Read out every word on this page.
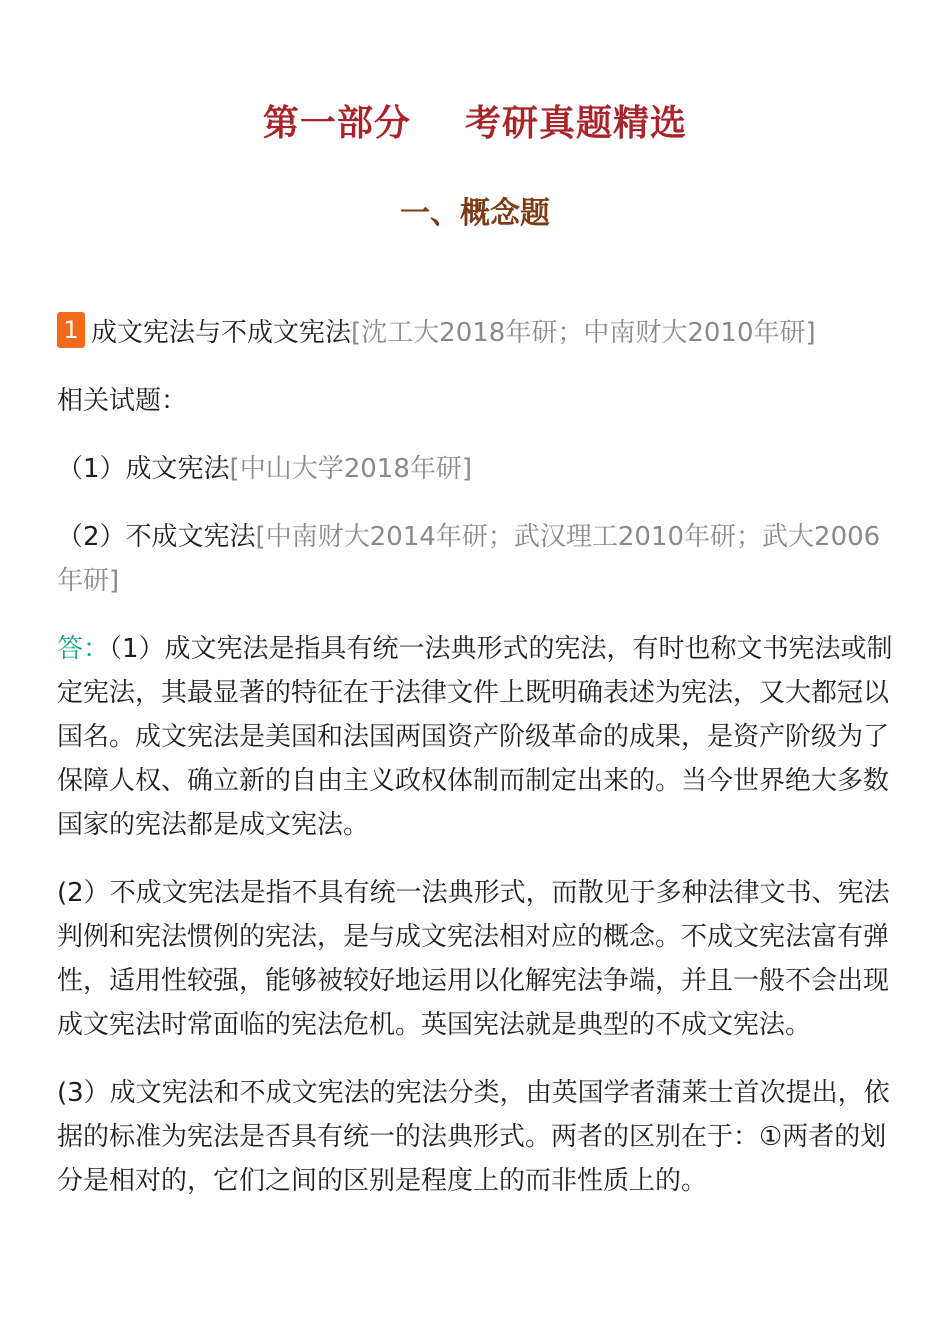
第一部分    考研真题精选
一、概念题

1 成文宪法与不成文宪法[沈工大2018年研；中南财大2010年研]

相关试题：

（1）成文宪法[中山大学2018年研]

（2）不成文宪法[中南财大2014年研；武汉理工2010年研；武大2006年研]

答：（1）成文宪法是指具有统一法典形式的宪法，有时也称文书宪法或制定宪法，其最显著的特征在于法律文件上既明确表述为宪法，又大都冠以国名。成文宪法是美国和法国两国资产阶级革命的成果，是资产阶级为了保障人权、确立新的自由主义政权体制而制定出来的。当今世界绝大多数国家的宪法都是成文宪法。

(2）不成文宪法是指不具有统一法典形式，而散见于多种法律文书、宪法判例和宪法惯例的宪法，是与成文宪法相对应的概念。不成文宪法富有弹性，适用性较强，能够被较好地运用以化解宪法争端，并且一般不会出现成文宪法时常面临的宪法危机。英国宪法就是典型的不成文宪法。

(3）成文宪法和不成文宪法的宪法分类，由英国学者蒲莱士首次提出，依据的标准为宪法是否具有统一的法典形式。两者的区别在于：①两者的划分是相对的，它们之间的区别是程度上的而非性质上的。
